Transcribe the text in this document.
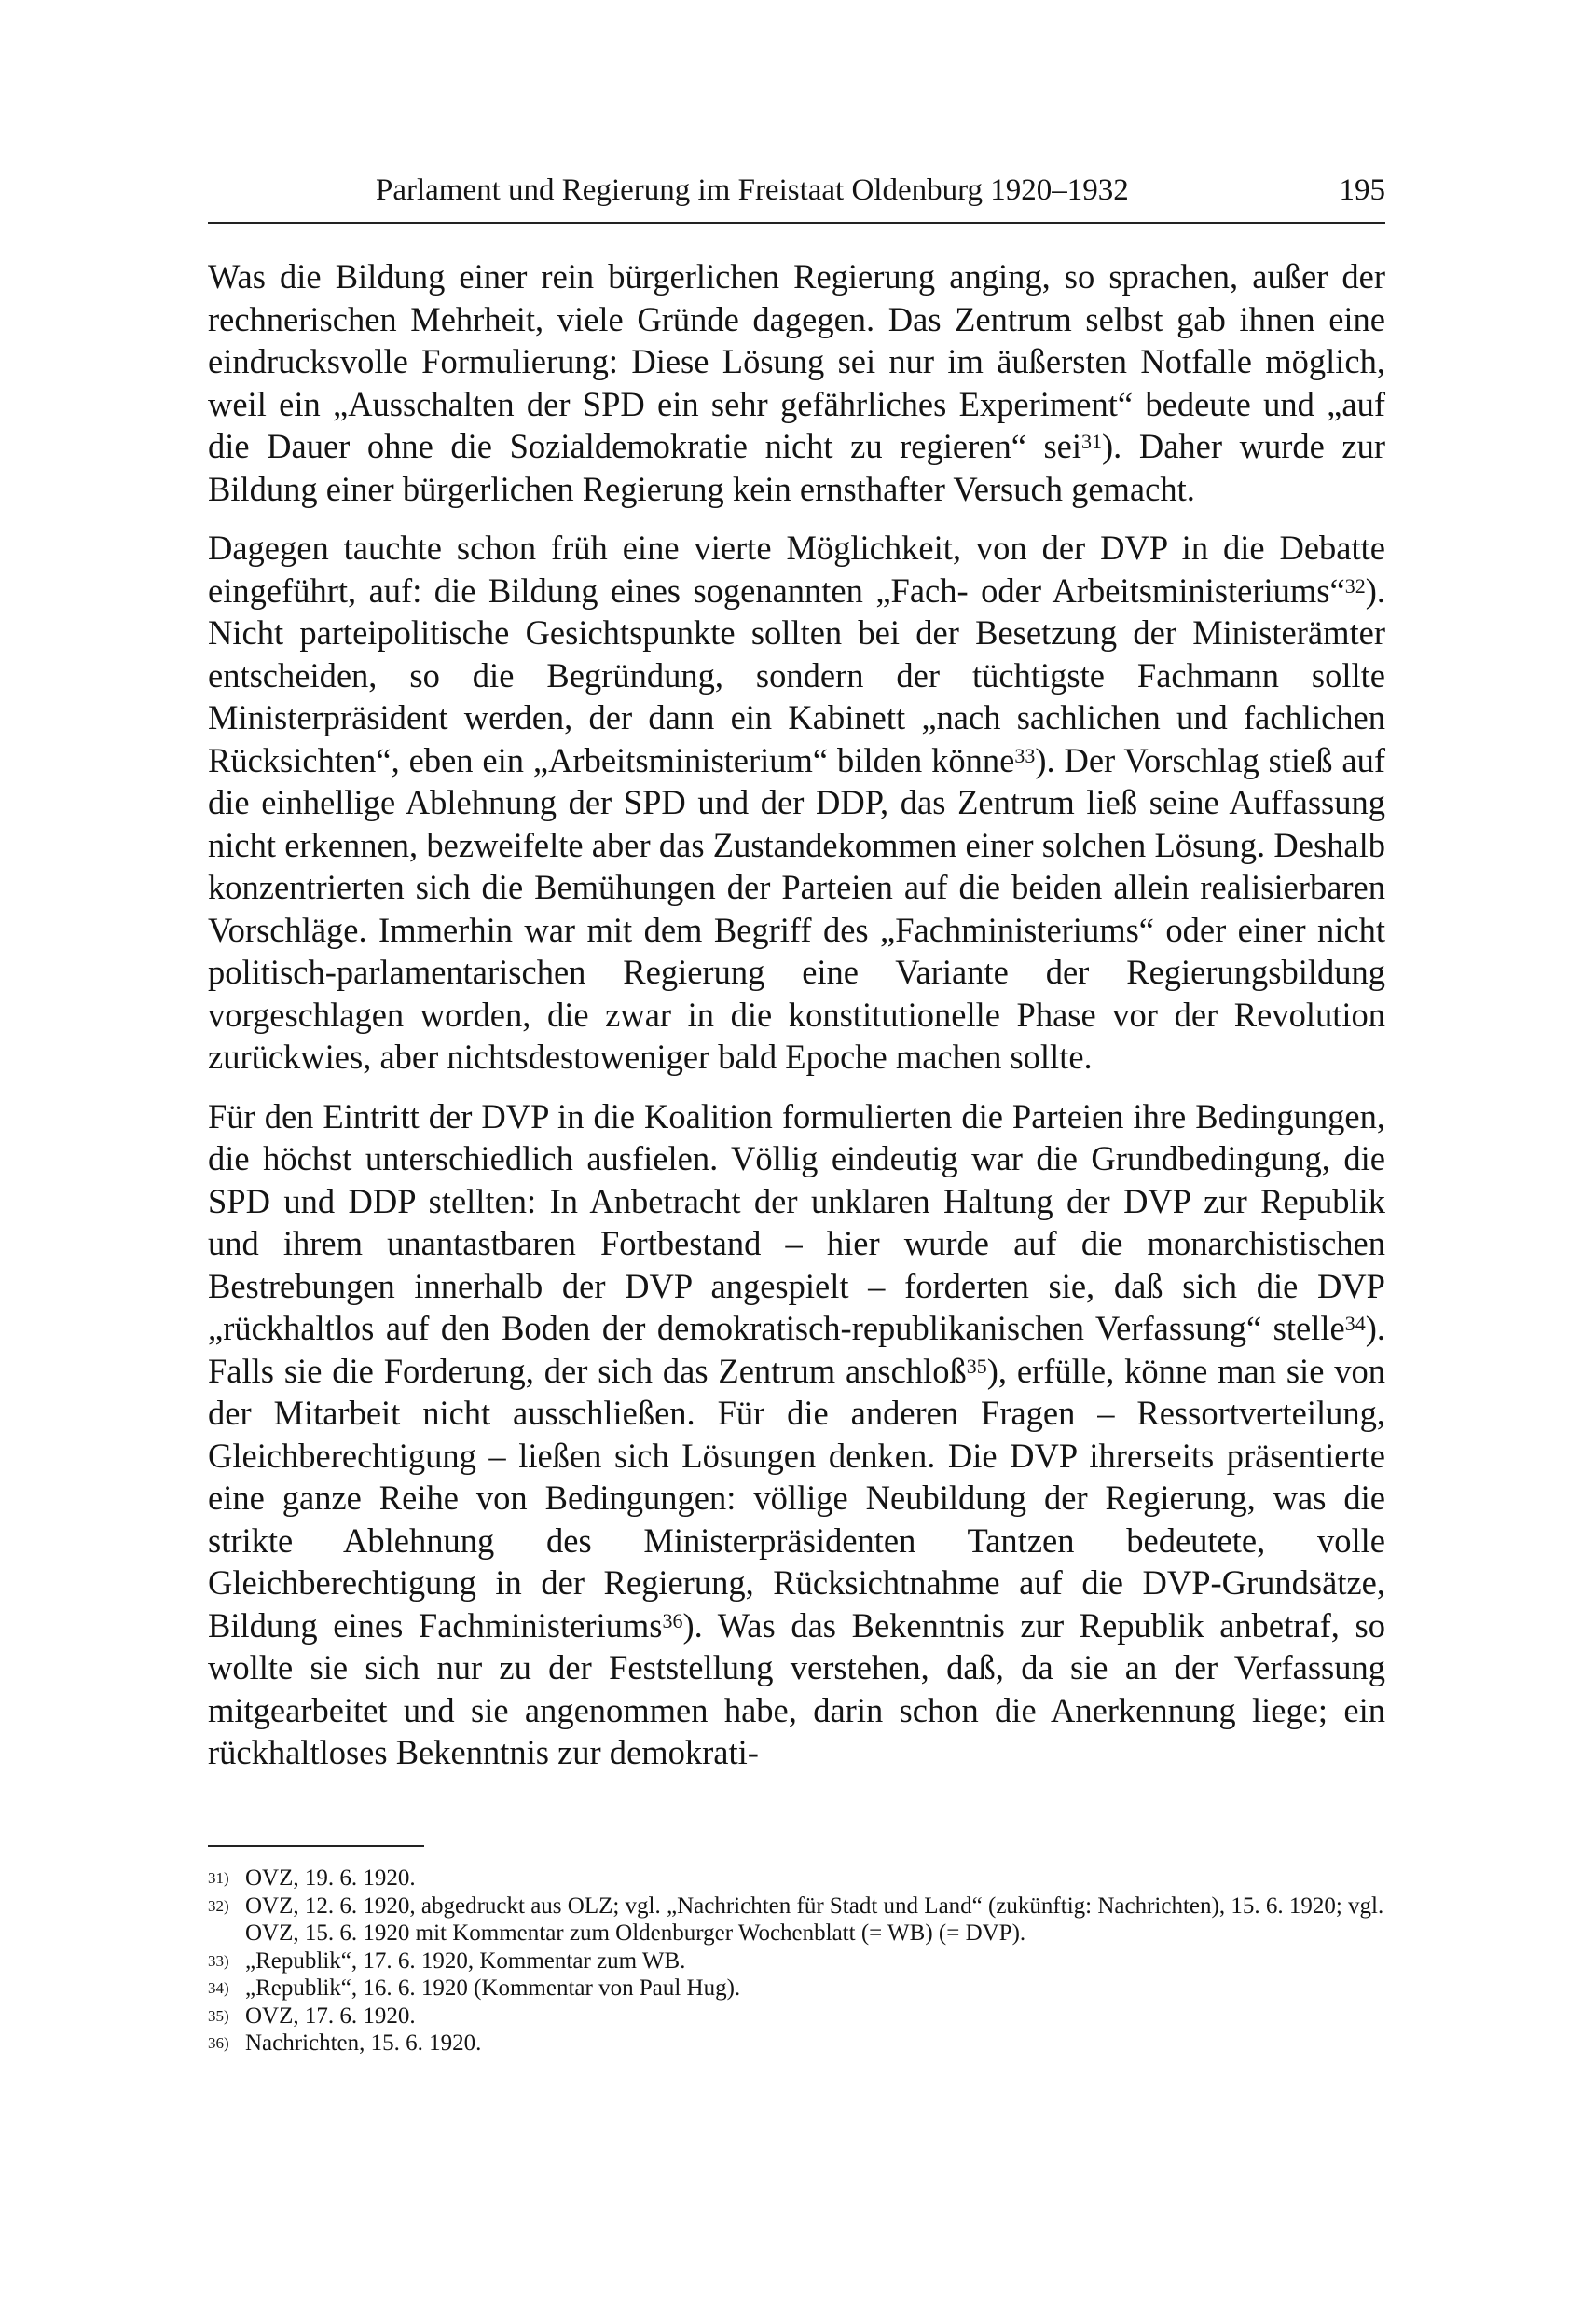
Parlament und Regierung im Freistaat Oldenburg 1920–1932	195

Was die Bildung einer rein bürgerlichen Regierung anging, so sprachen, außer der rechnerischen Mehrheit, viele Gründe dagegen. Das Zentrum selbst gab ihnen eine eindrucksvolle Formulierung: Diese Lösung sei nur im äußersten Notfalle möglich, weil ein „Ausschalten der SPD ein sehr gefährliches Experiment“ bedeute und „auf die Dauer ohne die Sozialdemokratie nicht zu regieren“ sei$^{31}$). Daher wurde zur Bildung einer bürgerlichen Regierung kein ernsthafter Versuch gemacht.

Dagegen tauchte schon früh eine vierte Möglichkeit, von der DVP in die Debatte eingeführt, auf: die Bildung eines sogenannten „Fach- oder Arbeitsministeriums“$^{32}$). Nicht parteipolitische Gesichtspunkte sollten bei der Besetzung der Ministerämter entscheiden, so die Begründung, sondern der tüchtigste Fachmann sollte Ministerpräsident werden, der dann ein Kabinett „nach sachlichen und fachlichen Rücksichten“, eben ein „Arbeitsministerium“ bilden könne$^{33}$). Der Vorschlag stieß auf die einhellige Ablehnung der SPD und der DDP, das Zentrum ließ seine Auffassung nicht erkennen, bezweifelte aber das Zustandekommen einer solchen Lösung. Deshalb konzentrierten sich die Bemühungen der Parteien auf die beiden allein realisierbaren Vorschläge. Immerhin war mit dem Begriff des „Fachministeriums“ oder einer nicht politisch-parlamentarischen Regierung eine Variante der Regierungsbildung vorgeschlagen worden, die zwar in die konstitutionelle Phase vor der Revolution zurückwies, aber nichtsdestoweniger bald Epoche machen sollte.

Für den Eintritt der DVP in die Koalition formulierten die Parteien ihre Bedingungen, die höchst unterschiedlich ausfielen. Völlig eindeutig war die Grundbedingung, die SPD und DDP stellten: In Anbetracht der unklaren Haltung der DVP zur Republik und ihrem unantastbaren Fortbestand – hier wurde auf die monarchistischen Bestrebungen innerhalb der DVP angespielt – forderten sie, daß sich die DVP „rückhaltlos auf den Boden der demokratisch-republikanischen Verfassung“ stelle$^{34}$). Falls sie die Forderung, der sich das Zentrum anschloß$^{35}$), erfülle, könne man sie von der Mitarbeit nicht ausschließen. Für die anderen Fragen – Ressortverteilung, Gleichberechtigung – ließen sich Lösungen denken. Die DVP ihrerseits präsentierte eine ganze Reihe von Bedingungen: völlige Neubildung der Regierung, was die strikte Ablehnung des Ministerpräsidenten Tantzen bedeutete, volle Gleichberechtigung in der Regierung, Rücksichtnahme auf die DVP-Grundsätze, Bildung eines Fachministeriums$^{36}$). Was das Bekenntnis zur Republik anbetraf, so wollte sie sich nur zu der Feststellung verstehen, daß, da sie an der Verfassung mitgearbeitet und sie angenommen habe, darin schon die Anerkennung liege; ein rückhaltloses Bekenntnis zur demokrati-

31) OVZ, 19. 6. 1920.
32) OVZ, 12. 6. 1920, abgedruckt aus OLZ; vgl. „Nachrichten für Stadt und Land“ (zukünftig: Nachrichten), 15. 6. 1920; vgl. OVZ, 15. 6. 1920 mit Kommentar zum Oldenburger Wochenblatt (= WB) (= DVP).
33) „Republik“, 17. 6. 1920, Kommentar zum WB.
34) „Republik“, 16. 6. 1920 (Kommentar von Paul Hug).
35) OVZ, 17. 6. 1920.
36) Nachrichten, 15. 6. 1920.
